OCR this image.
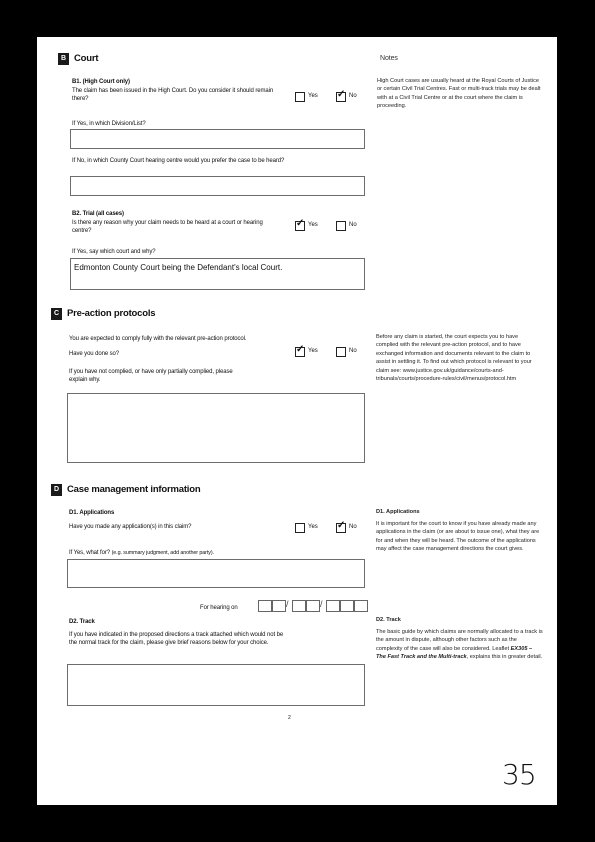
B Court	Notes
B1. (High Court only)
The claim has been issued in the High Court. Do you consider it should remain there?
Yes ✓ No
If Yes, in which Division/List?
If No, in which County Court hearing centre would you prefer the case to be heard?
B2. Trial (all cases)
Is there any reason why your claim needs to be heard at a court or hearing centre?
✓ Yes	No
If Yes, say which court and why?
Edmonton County Court being the Defendant's local Court.
High Court cases are usually heard at the Royal Courts of Justice or certain Civil Trial Centres. Fast or multi-track trials may be dealt with at a Civil Trial Centre or at the court where the claim is proceeding.
C Pre-action protocols
You are expected to comply fully with the relevant pre-action protocol.
Have you done so?	✓ Yes	No
If you have not complied, or have only partially complied, please explain why.
Before any claim is started, the court expects you to have complied with the relevant pre-action protocol, and to have exchanged information and documents relevant to the claim to assist in settling it. To find out which protocol is relevant to your claim see: www.justice.gov.uk/guidance/courts-and-tribunals/courts/procedure-rules/civil/menus/protocol.htm
D Case management information
D1. Applications
Have you made any application(s) in this claim?	Yes ✓ No
If Yes, what for? (e.g. summary judgment, add another party).
For hearing on	/	/
D2. Track
If you have indicated in the proposed directions a track attached which would not be the normal track for the claim, please give brief reasons below for your choice.
D1. Applications
It is important for the court to know if you have already made any applications in the claim (or are about to issue one), what they are for and when they will be heard. The outcome of the applications may affect the case management directions the court gives.
D2. Track
The basic guide by which claims are normally allocated to a track is the amount in dispute, although other factors such as the complexity of the case will also be considered. Leaflet EX305 – The Fast Track and the Multi-track, explains this in greater detail.
2
35
